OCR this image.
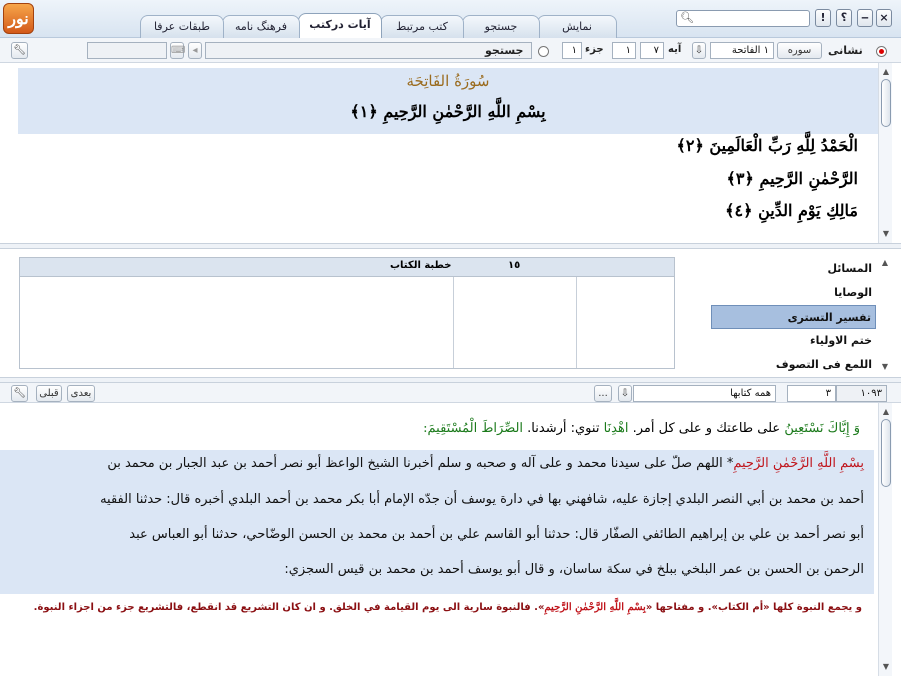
نور	نمایش
جستجو
کتب مرتبط
آیات درکتب
فرهنگ نامه
طبقات عرفا
🔍︎	!	؟	‒ ×
🔧︎	⌨ ◂	جستجو	١ جزء	١	٧ آیه ⇩	١ الفاتحة	سوره	نشانی
سُورَةُ الفَاتِحَة
بِسْمِ اللَّهِ الرَّحْمٰنِ الرَّحِيمِ ﴿١﴾
الْحَمْدُ لِلَّهِ رَبِّ الْعَالَمِينَ ﴿٢﴾
الرَّحْمٰنِ الرَّحِيمِ ﴿٣﴾
مَالِكِ يَوْمِ الدِّينِ ﴿٤﴾
▲
▼
١٥
خطبة الکتاب	المسائل
الوصایا
تفسیر التستری
ختم الاولیاء
اللمع فی التصوف
▲
▼
🔧︎	قبلی	بعدی	...	⇩	همه کتابها	٣	١٠٩٣
وَ إِيَّاكَ نَسْتَعِينُ على طاعتك و على كل أمر. اهْدِنَا تنوي: أرشدنا. الصِّرَاطَ الْمُسْتَقِيمَ:
بِسْمِ اللَّهِ الرَّحْمٰنِ الرَّحِيمِ* اللهم صلّ على سيدنا محمد و على آله و صحبه و سلم أخبرنا الشيخ الواعظ أبو نصر أحمد بن عبد الجبار بن محمد بن
أحمد بن محمد بن أبي النصر البلدي إجازة عليه، شافهني بها في دارة يوسف أن جدّه الإمام أبا بكر محمد بن أحمد البلدي أخبره قال: حدثنا الفقيه
أبو نصر أحمد بن علي بن إبراهيم الطائفي الصفّار قال: حدثنا أبو القاسم علي بن أحمد بن محمد بن الحسن الوضّاحي، حدثنا أبو العباس عبد
الرحمن بن الحسن بن عمر البلخي ببلخ في سكة ساسان، و قال أبو يوسف أحمد بن محمد بن قيس السجزي:
و يجمع النبوة كلها «أم الكتاب». و مفتاحها «بِسْمِ اللَّهِ الرَّحْمٰنِ الرَّحِيمِ». فالنبوة سارية الى يوم القيامة في الخلق. و ان كان التشريع قد انقطع، فالتشريع جزء من اجزاء النبوة.
▲
▼
